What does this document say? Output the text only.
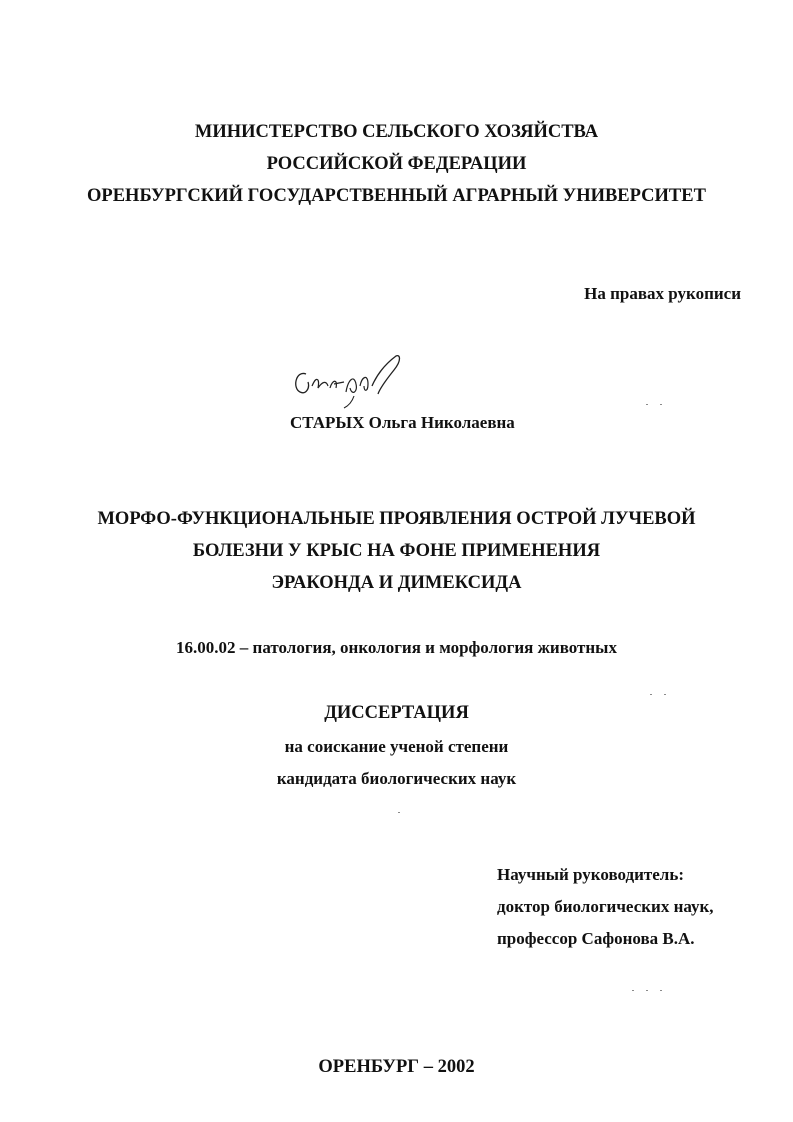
МИНИСТЕРСТВО СЕЛЬСКОГО ХОЗЯЙСТВА
РОССИЙСКОЙ ФЕДЕРАЦИИ
ОРЕНБУРГСКИЙ ГОСУДАРСТВЕННЫЙ АГРАРНЫЙ УНИВЕРСИТЕТ
На правах рукописи
СТАРЫХ Ольга Николаевна
МОРФО-ФУНКЦИОНАЛЬНЫЕ ПРОЯВЛЕНИЯ ОСТРОЙ ЛУЧЕВОЙ
БОЛЕЗНИ У КРЫС НА ФОНЕ ПРИМЕНЕНИЯ
ЭРАКОНДА И ДИМЕКСИДА
16.00.02 – патология, онкология и морфология животных
ДИССЕРТАЦИЯ
на соискание ученой степени
кандидата биологических наук
Научный руководитель:
доктор биологических наук,
профессор Сафонова В.А.
ОРЕНБУРГ – 2002
